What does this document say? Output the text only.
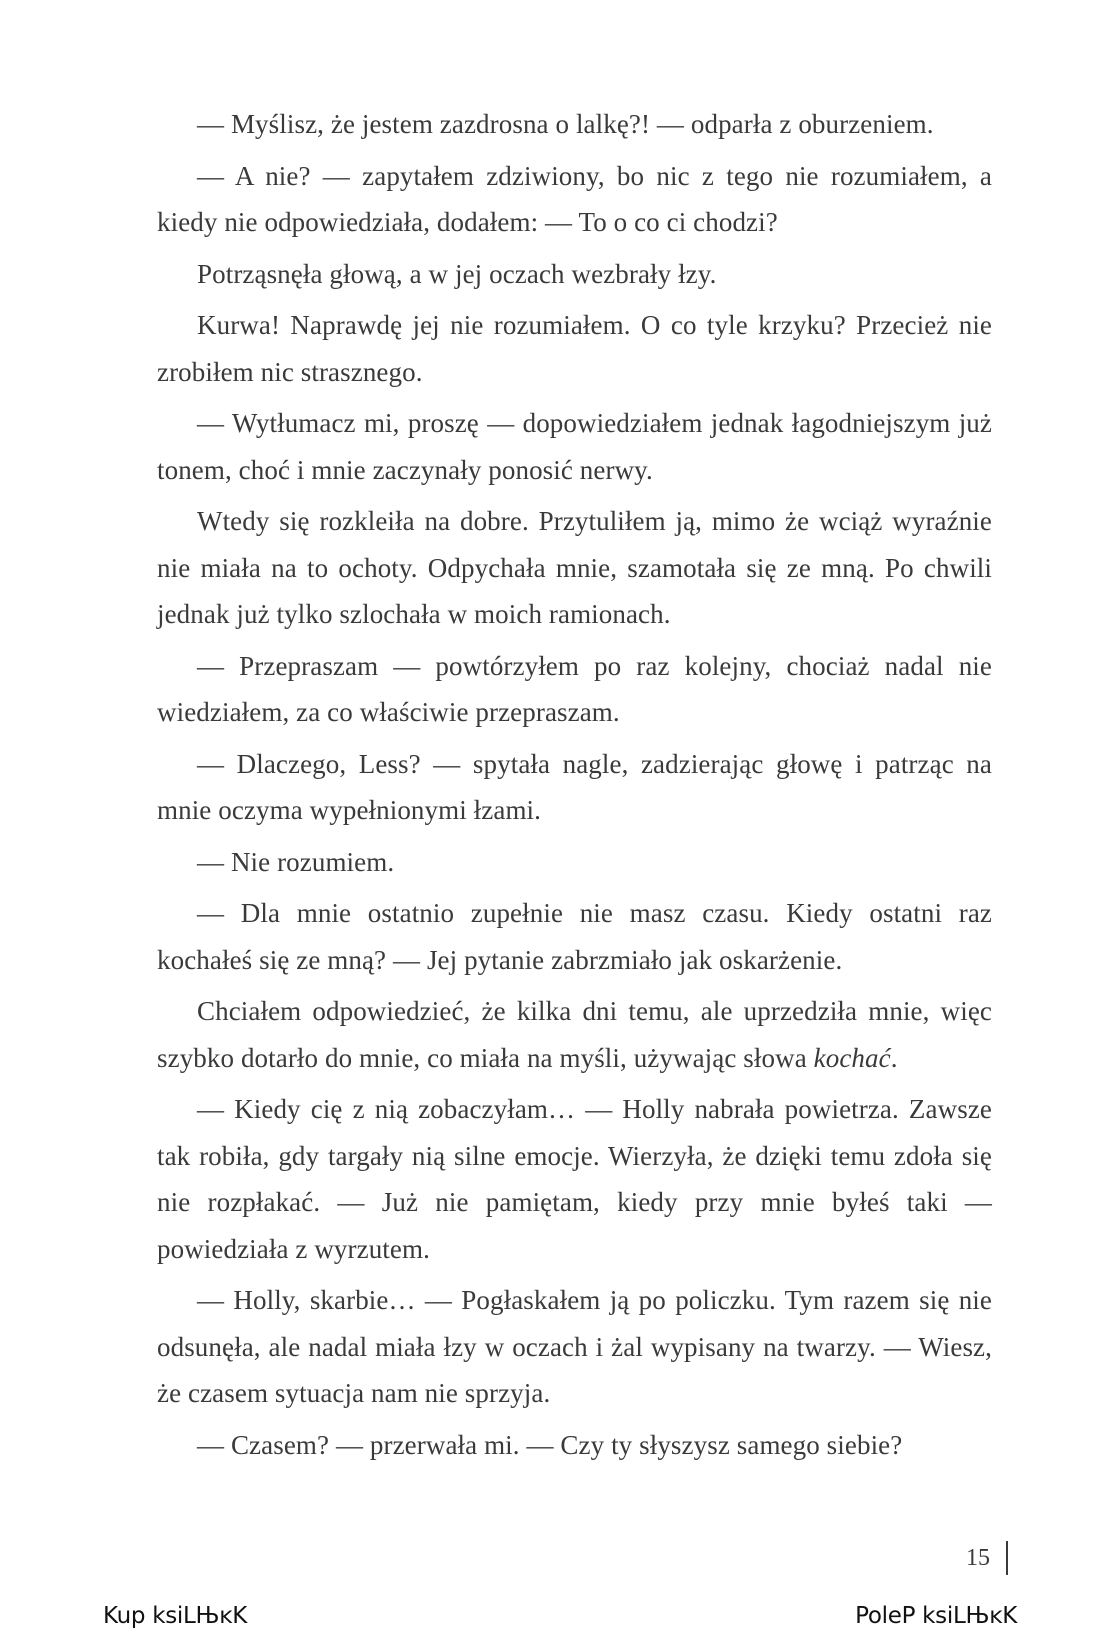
— Myślisz, że jestem zazdrosna o lalkę?! — odparła z oburzeniem.

— A nie? — zapytałem zdziwiony, bo nic z tego nie rozumiałem, a kiedy nie odpowiedziała, dodałem: — To o co ci chodzi?

Potrząsnęła głową, a w jej oczach wezbrały łzy.

Kurwa! Naprawdę jej nie rozumiałem. O co tyle krzyku? Przecież nie zrobiłem nic strasznego.

— Wytłumacz mi, proszę — dopowiedziałem jednak łagodniejszym już tonem, choć i mnie zaczynały ponosić nerwy.

Wtedy się rozkleiła na dobre. Przytuliłem ją, mimo że wciąż wyraźnie nie miała na to ochoty. Odpychała mnie, szamotała się ze mną. Po chwili jednak już tylko szlochała w moich ramionach.

— Przepraszam — powtórzyłem po raz kolejny, chociaż nadal nie wiedziałem, za co właściwie przepraszam.

— Dlaczego, Less? — spytała nagle, zadzierając głowę i patrząc na mnie oczyma wypełnionymi łzami.

— Nie rozumiem.

— Dla mnie ostatnio zupełnie nie masz czasu. Kiedy ostatni raz kochałeś się ze mną? — Jej pytanie zabrzmiało jak oskarżenie.

Chciałem odpowiedzieć, że kilka dni temu, ale uprzedziła mnie, więc szybko dotarło do mnie, co miała na myśli, używając słowa kochać.

— Kiedy cię z nią zobaczyłam… — Holly nabrała powietrza. Zawsze tak robiła, gdy targały nią silne emocje. Wierzyła, że dzięki temu zdoła się nie rozpłakać. — Już nie pamiętam, kiedy przy mnie byłeś taki — powiedziała z wyrzutem.

— Holly, skarbie… — Pogłaskałem ją po policzku. Tym razem się nie odsunęła, ale nadal miała łzy w oczach i żal wypisany na twarzy. — Wiesz, że czasem sytuacja nam nie sprzyja.

— Czasem? — przerwała mi. — Czy ty słyszysz samego siebie?

15
Kup ksiLЊĸK	PoleP ksiLЊĸK
